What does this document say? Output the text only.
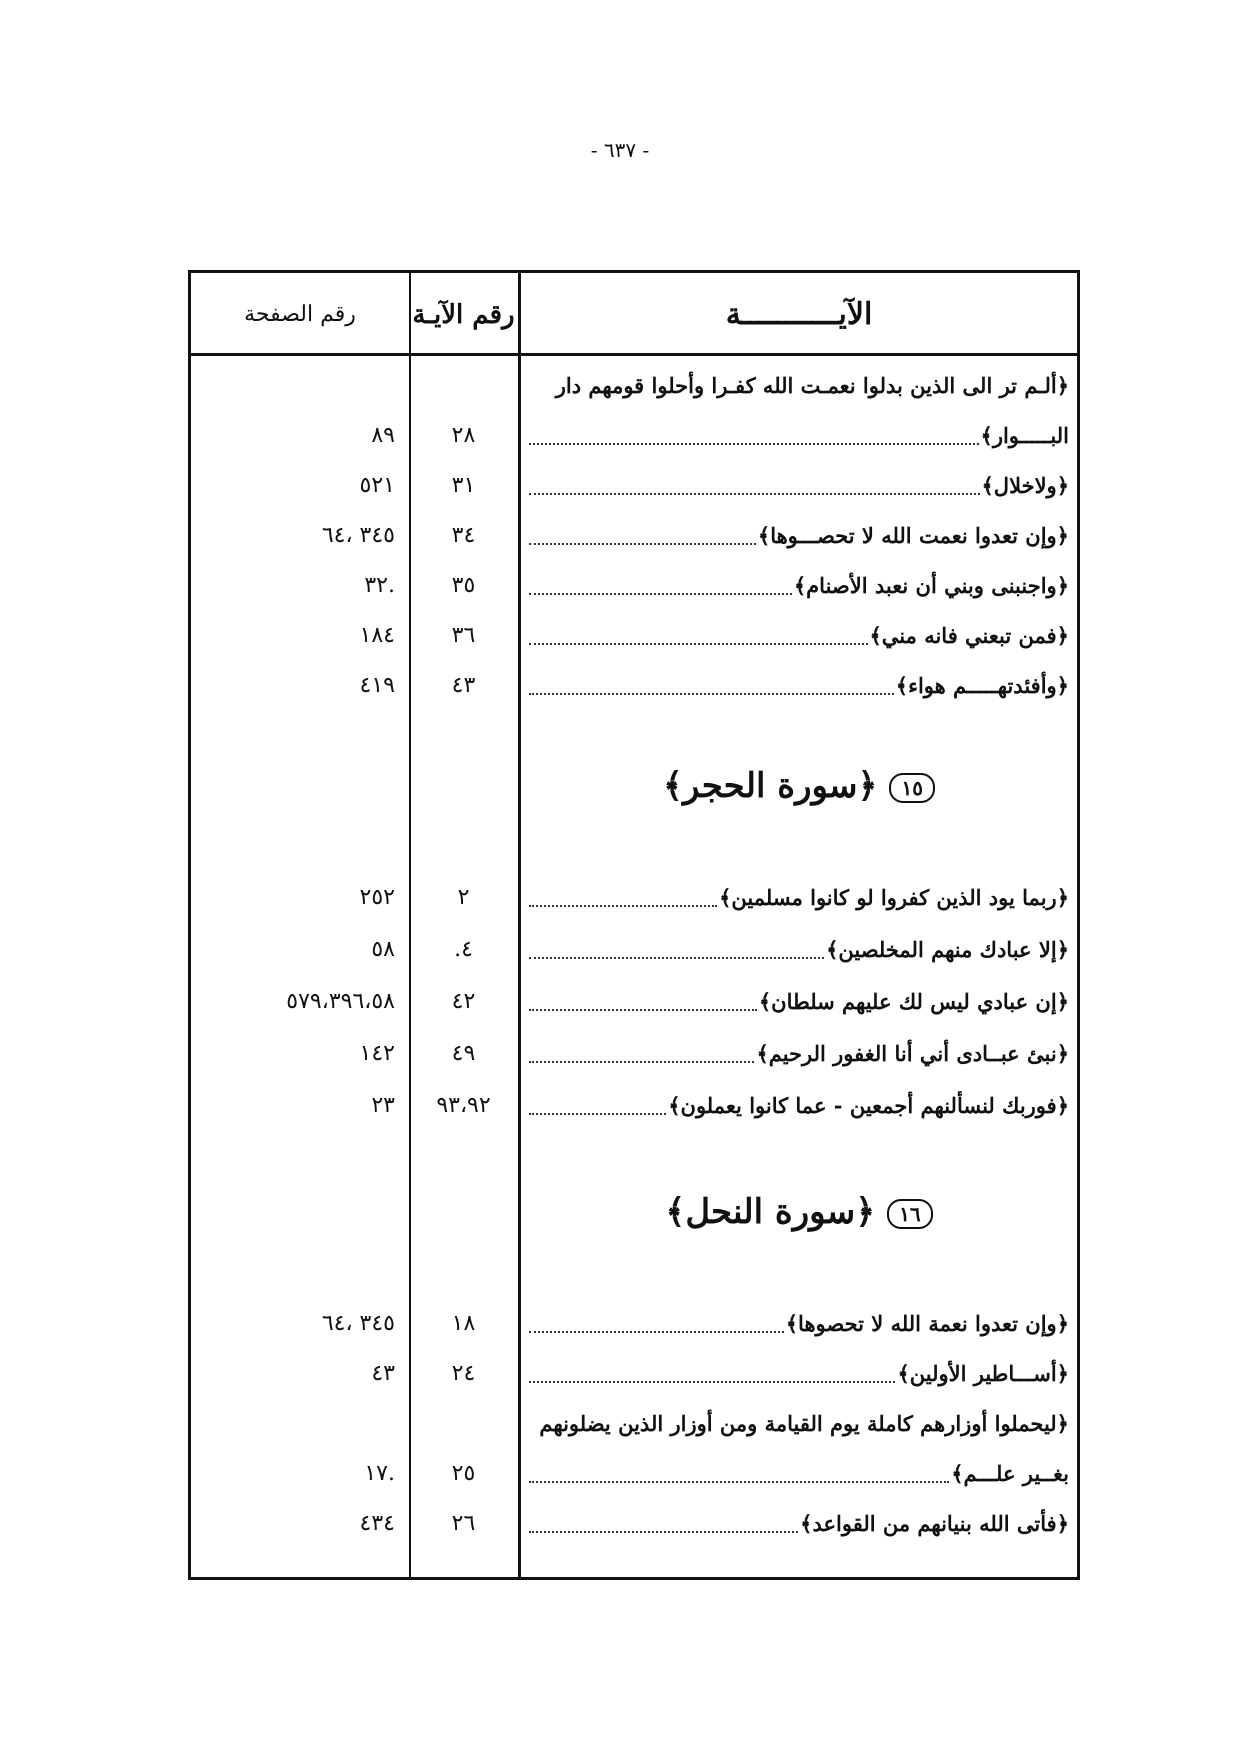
- ٦٣٧ -
رقم الصفحة	رقم الآيـة	الآيـــــــــــة
﴿ألـم تر الى الذين بدلوا نعمـت الله كفـرا وأحلوا قومهم دار
٨٩	٢٨	البـــــوار﴾
٥٢١	٣١	﴿ولاخلال﴾
٣٤٥ ،٦٤	٣٤	﴿وإن تعدوا نعمت الله لا تحصـــوها﴾
٣٢.	٣٥	﴿واجنبنى وبني أن نعبد الأصنام﴾
١٨٤	٣٦	﴿فمن تبعني فانه مني﴾
٤١٩	٤٣	﴿وأفئدتهـــــم هواء﴾
١٥﴿سورة الحجر﴾
٢٥٢	٢	﴿ربما يود الذين كفروا لو كانوا مسلمين﴾
٥٨	٤.	﴿إلا عبادك منهم المخلصين﴾
٥٧٩،٣٩٦،٥٨	٤٢	﴿إن عبادي ليس لك عليهم سلطان﴾
١٤٢	٤٩	﴿نبئ عبــادى أني أنا الغفور الرحيم﴾
٢٣	٩٣،٩٢	﴿فوربك لنسألنهم أجمعين - عما كانوا يعملون﴾
١٦﴿سورة النحل﴾
٣٤٥ ،٦٤	١٨	﴿وإن تعدوا نعمة الله لا تحصوها﴾
٤٣	٢٤	﴿أســـاطير الأولين﴾
﴿ليحملوا أوزارهم كاملة يوم القيامة ومن أوزار الذين يضلونهم
١٧.	٢٥	بغــير علـــم﴾
٤٣٤	٢٦	﴿فأتى الله بنيانهم من القواعد﴾
